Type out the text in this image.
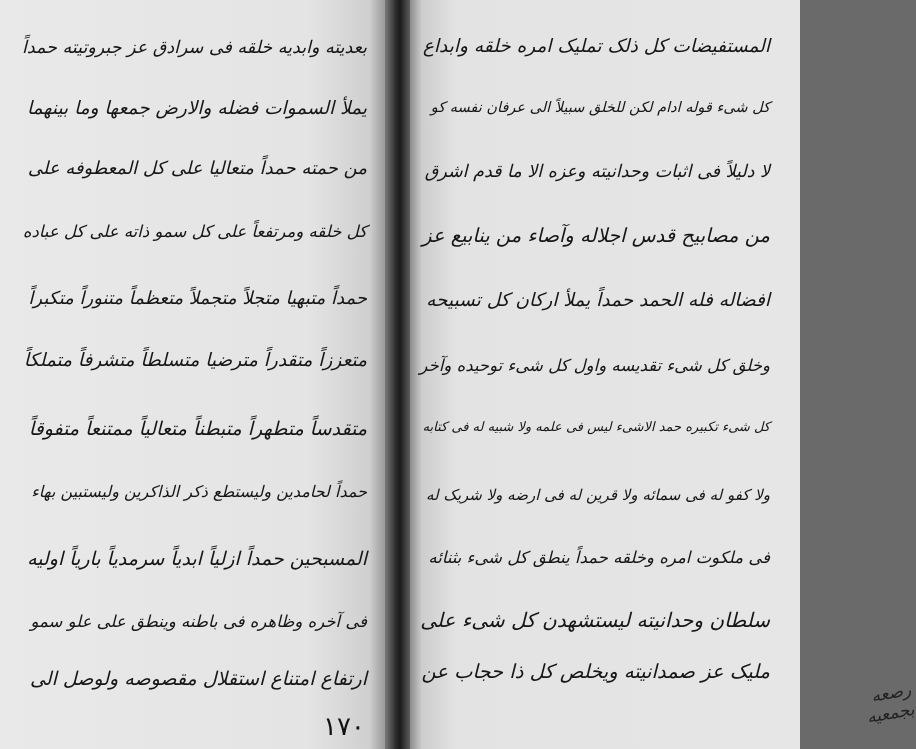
بعدیته وابدیه خلقه فی سرادق عز جبروتیته حمداً
یملأ السموات فضله والارض جمعها وما بینهما
من حمته حمداً متعالیا علی کل المعطوفه علی
کل خلقه ومرتفعاً علی کل سمو ذاته علی کل عباده
حمداً متبهیا متجلاً متجملاً متعظماً متنوراً متکبراً
متعززاً متقدراً مترضیا متسلطاً متشرفاً متملکاً
متقدساً متطهراً متبطناً متعالیاً ممتنعاً متفوقاً
حمداً لحامدین ولیستطع ذکر الذاکرین ولیستبین بهاء
المسبحین حمداً ازلیاً ابدیاً سرمدیاً باریاً اولیه
فی آخره وظاهره فی باطنه وینطق علی علو سمو
ارتفاع امتناع استقلال مقصوصه ولوصل الی
١٧٠
المستفیضات کل ذلک تملیک امره خلقه وابداع
کل شیء قوله ادام لکن للخلق سبیلاً الی عرفان نفسه کو
لا دلیلاً فی اثبات وحدانیته وعزه الا ما قدم اشرق
من مصابیح قدس اجلاله وآصاء من ینابیع عز
افضاله فله الحمد حمداً یملأ ارکان کل تسبیحه
وخلق کل شیء تقدیسه واول کل شیء توحیده وآخر
کل شیء تکبیره حمد الاشیء لیس فی علمه ولا شبیه له فی کتابه
ولا کفو له فی سمائه ولا قرین له فی ارضه ولا شریک له
فی ملکوت امره وخلقه حمداً ینطق کل شیء بثنائه
سلطان وحدانیته لیستشهدن کل شیء علی
ملیک عز صمدانیته ویخلص کل ذا حجاب عن
رصعه بجمعیه
